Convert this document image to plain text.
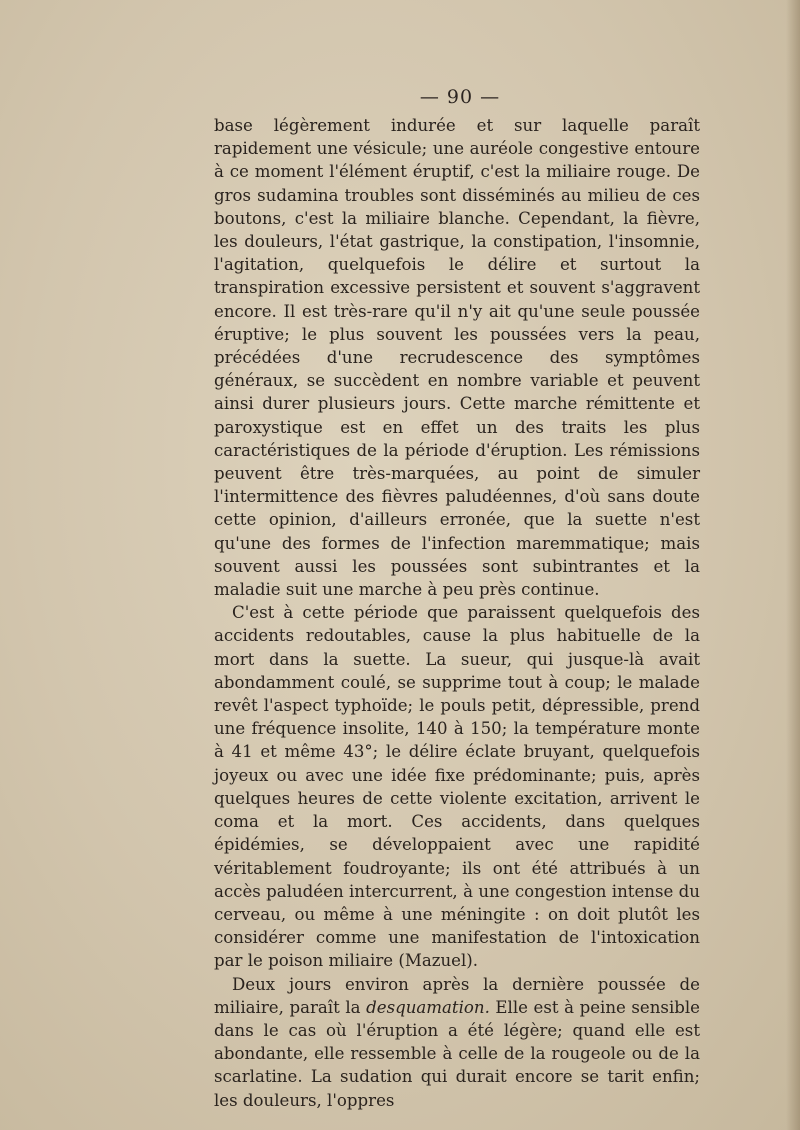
— 90 —

base légèrement indurée et sur laquelle paraît rapidement une vésicule; une auréole congestive entoure à ce moment l'élément éruptif, c'est la miliaire rouge. De gros sudamina troubles sont disséminés au milieu de ces boutons, c'est la miliaire blanche. Cependant, la fièvre, les douleurs, l'état gastrique, la constipation, l'insomnie, l'agitation, quelquefois le délire et surtout la transpiration excessive persistent et souvent s'aggravent encore. Il est très-rare qu'il n'y ait qu'une seule poussée éruptive; le plus souvent les poussées vers la peau, précédées d'une recrudescence des symptômes généraux, se succèdent en nombre variable et peuvent ainsi durer plusieurs jours. Cette marche rémittente et paroxystique est en effet un des traits les plus caractéristiques de la période d'éruption. Les rémissions peuvent être très-marquées, au point de simuler l'intermittence des fièvres paludéennes, d'où sans doute cette opinion, d'ailleurs erronée, que la suette n'est qu'une des formes de l'infection maremmatique; mais souvent aussi les poussées sont subintrantes et la maladie suit une marche à peu près continue.

C'est à cette période que paraissent quelquefois des accidents redoutables, cause la plus habituelle de la mort dans la suette. La sueur, qui jusque-là avait abondamment coulé, se supprime tout à coup; le malade revêt l'aspect typhoïde; le pouls petit, dépressible, prend une fréquence insolite, 140 à 150; la température monte à 41 et même 43°; le délire éclate bruyant, quelquefois joyeux ou avec une idée fixe prédominante; puis, après quelques heures de cette violente excitation, arrivent le coma et la mort. Ces accidents, dans quelques épidémies, se développaient avec une rapidité véritablement foudroyante; ils ont été attribués à un accès paludéen intercurrent, à une congestion intense du cerveau, ou même à une méningite : on doit plutôt les considérer comme une manifestation de l'intoxication par le poison miliaire (Mazuel).

Deux jours environ après la dernière poussée de miliaire, paraît la desquamation. Elle est à peine sensible dans le cas où l'éruption a été légère; quand elle est abondante, elle ressemble à celle de la rougeole ou de la scarlatine. La sudation qui durait encore se tarit enfin; les douleurs, l'oppres
